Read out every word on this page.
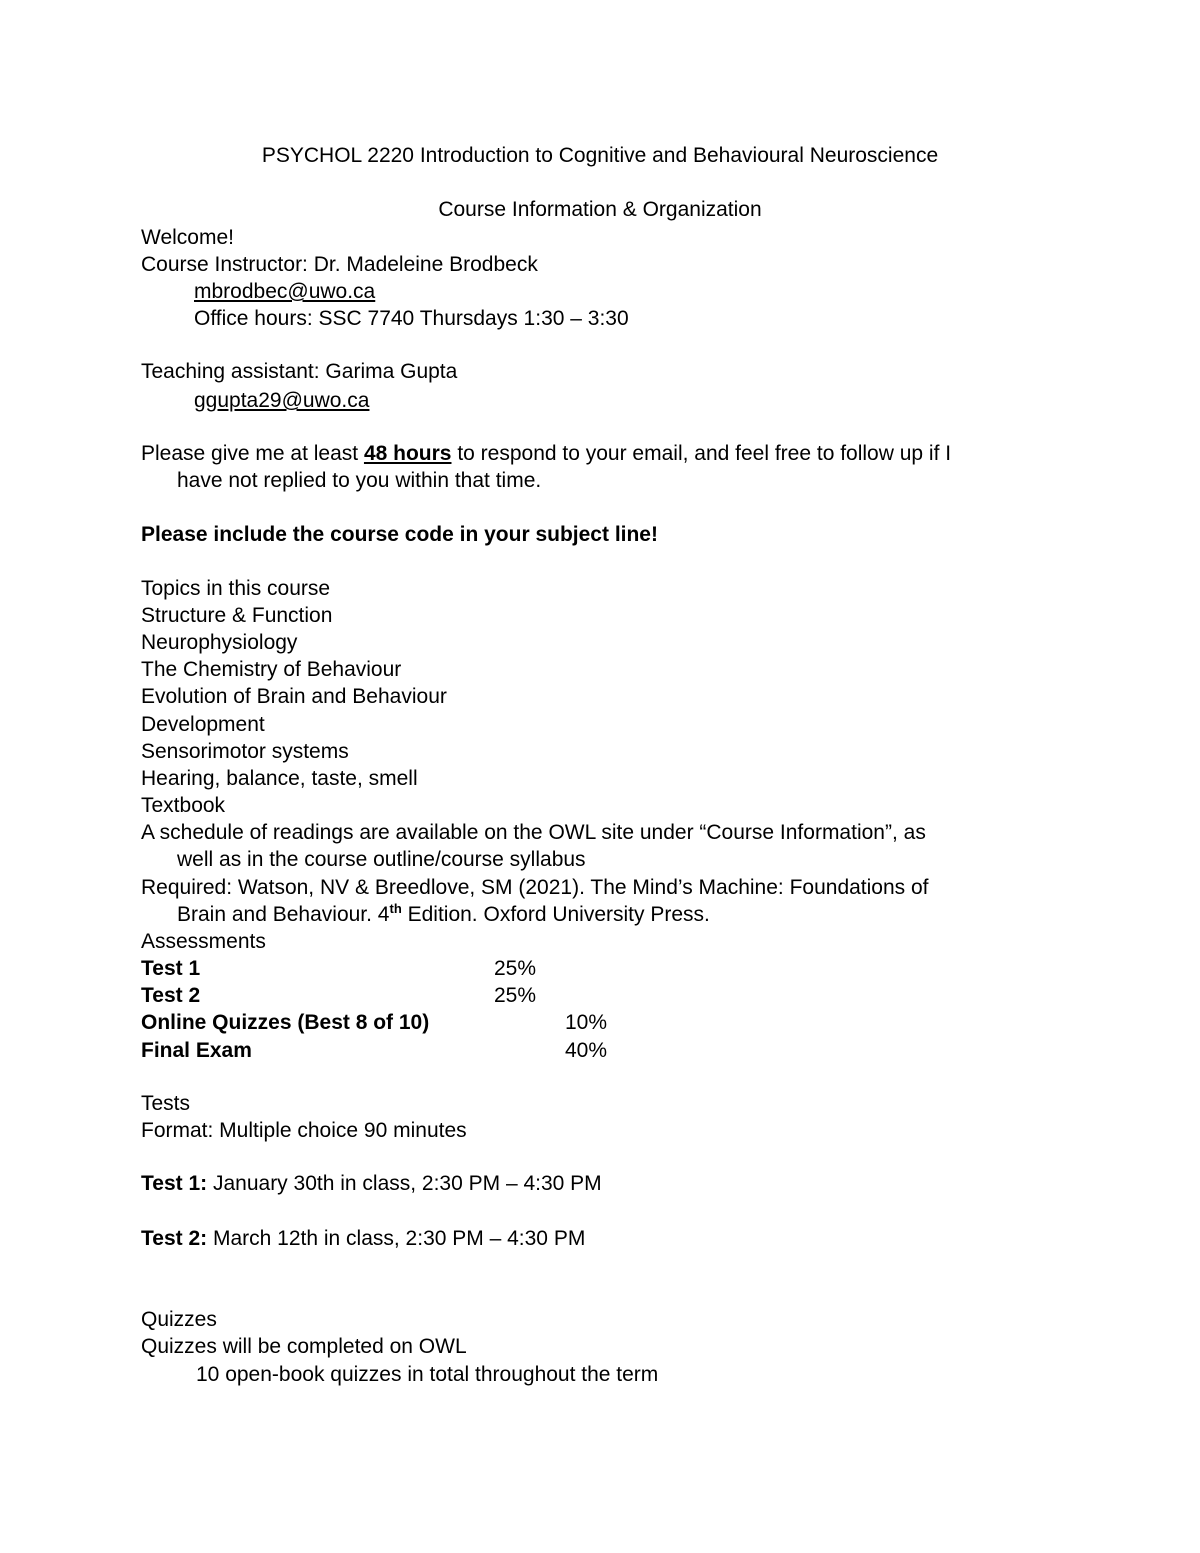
PSYCHOL 2220 Introduction to Cognitive and Behavioural Neuroscience
Course Information & Organization
Welcome!
Course Instructor: Dr. Madeleine Brodbeck
mbrodbec@uwo.ca
Office hours: SSC 7740 Thursdays 1:30 – 3:30
Teaching assistant: Garima Gupta
ggupta29@uwo.ca
Please give me at least 48 hours to respond to your email, and feel free to follow up if I
have not replied to you within that time.
Please include the course code in your subject line!
Topics in this course
Structure & Function
Neurophysiology
The Chemistry of Behaviour
Evolution of Brain and Behaviour
Development
Sensorimotor systems
Hearing, balance, taste, smell
Textbook
A schedule of readings are available on the OWL site under “Course Information”, as
well as in the course outline/course syllabus
Required: Watson, NV & Breedlove, SM (2021). The Mind’s Machine: Foundations of
Brain and Behaviour. 4th Edition. Oxford University Press.
Assessments
Test 1	25%
Test 2	25%
Online Quizzes (Best 8 of 10)	10%
Final Exam	40%
Tests
Format: Multiple choice 90 minutes
Test 1: January 30th in class, 2:30 PM – 4:30 PM
Test 2: March 12th in class, 2:30 PM – 4:30 PM
Quizzes
Quizzes will be completed on OWL
10 open-book quizzes in total throughout the term
